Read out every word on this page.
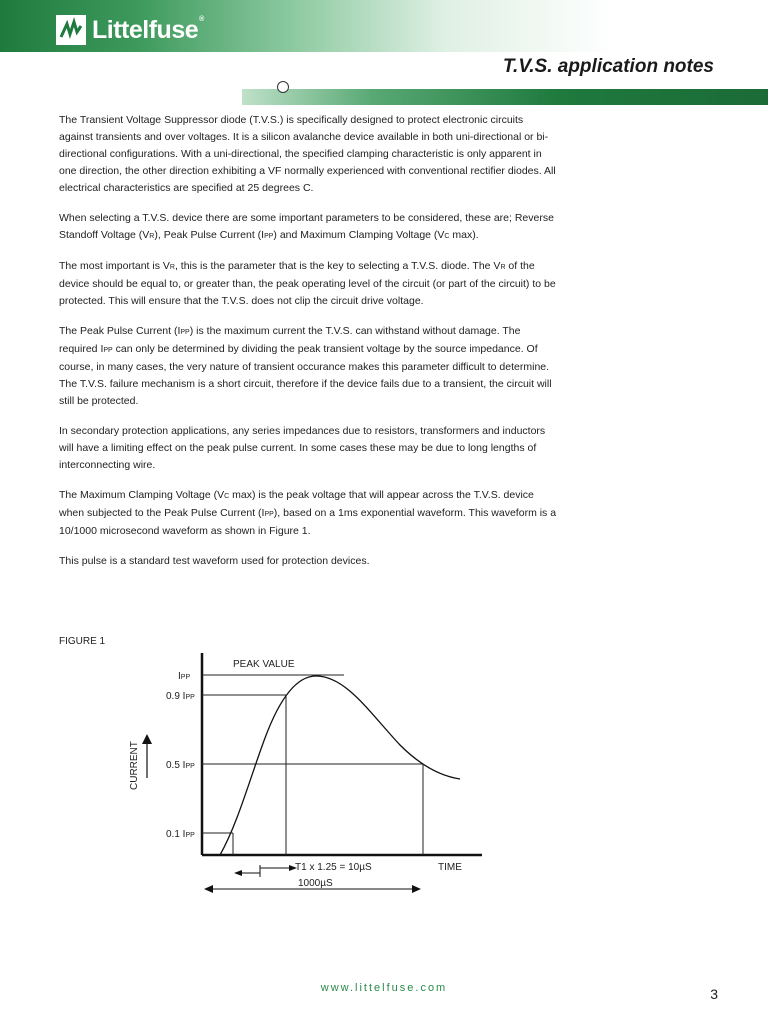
Littelfuse®
T.V.S. application notes

The Transient Voltage Suppressor diode (T.V.S.) is specifically designed to protect electronic circuits against transients and over voltages. It is a silicon avalanche device available in both uni-directional or bi-directional configurations. With a uni-directional, the specified clamping characteristic is only apparent in one direction, the other direction exhibiting a VF normally experienced with conventional rectifier diodes. All electrical characteristics are specified at 25 degrees C.

When selecting a T.V.S. device there are some important parameters to be considered, these are; Reverse Standoff Voltage (VR), Peak Pulse Current (IPP) and Maximum Clamping Voltage (VC max).

The most important is VR, this is the parameter that is the key to selecting a T.V.S. diode. The VR of the device should be equal to, or greater than, the peak operating level of the circuit (or part of the circuit) to be protected. This will ensure that the T.V.S. does not clip the circuit drive voltage.

The Peak Pulse Current (IPP) is the maximum current the T.V.S. can withstand without damage. The required IPP can only be determined by dividing the peak transient voltage by the source impedance. Of course, in many cases, the very nature of transient occurance makes this parameter difficult to determine. The T.V.S. failure mechanism is a short circuit, therefore if the device fails due to a transient, the circuit will still be protected.

In secondary protection applications, any series impedances due to resistors, transformers and inductors will have a limiting effect on the peak pulse current. In some cases these may be due to long lengths of interconnecting wire.

The Maximum Clamping Voltage (VC max) is the peak voltage that will appear across the T.V.S. device when subjected to the Peak Pulse Current (IPP), based on a 1ms exponential waveform. This waveform is a 10/1000 microsecond waveform as shown in Figure 1.

This pulse is a standard test waveform used for protection devices.

FIGURE 1
PEAK VALUE
IPP
0.9 IPP
0.5 IPP
0.1 IPP
CURRENT
T1 x 1.25 = 10µS	TIME
1000µS
www.littelfuse.com	3
